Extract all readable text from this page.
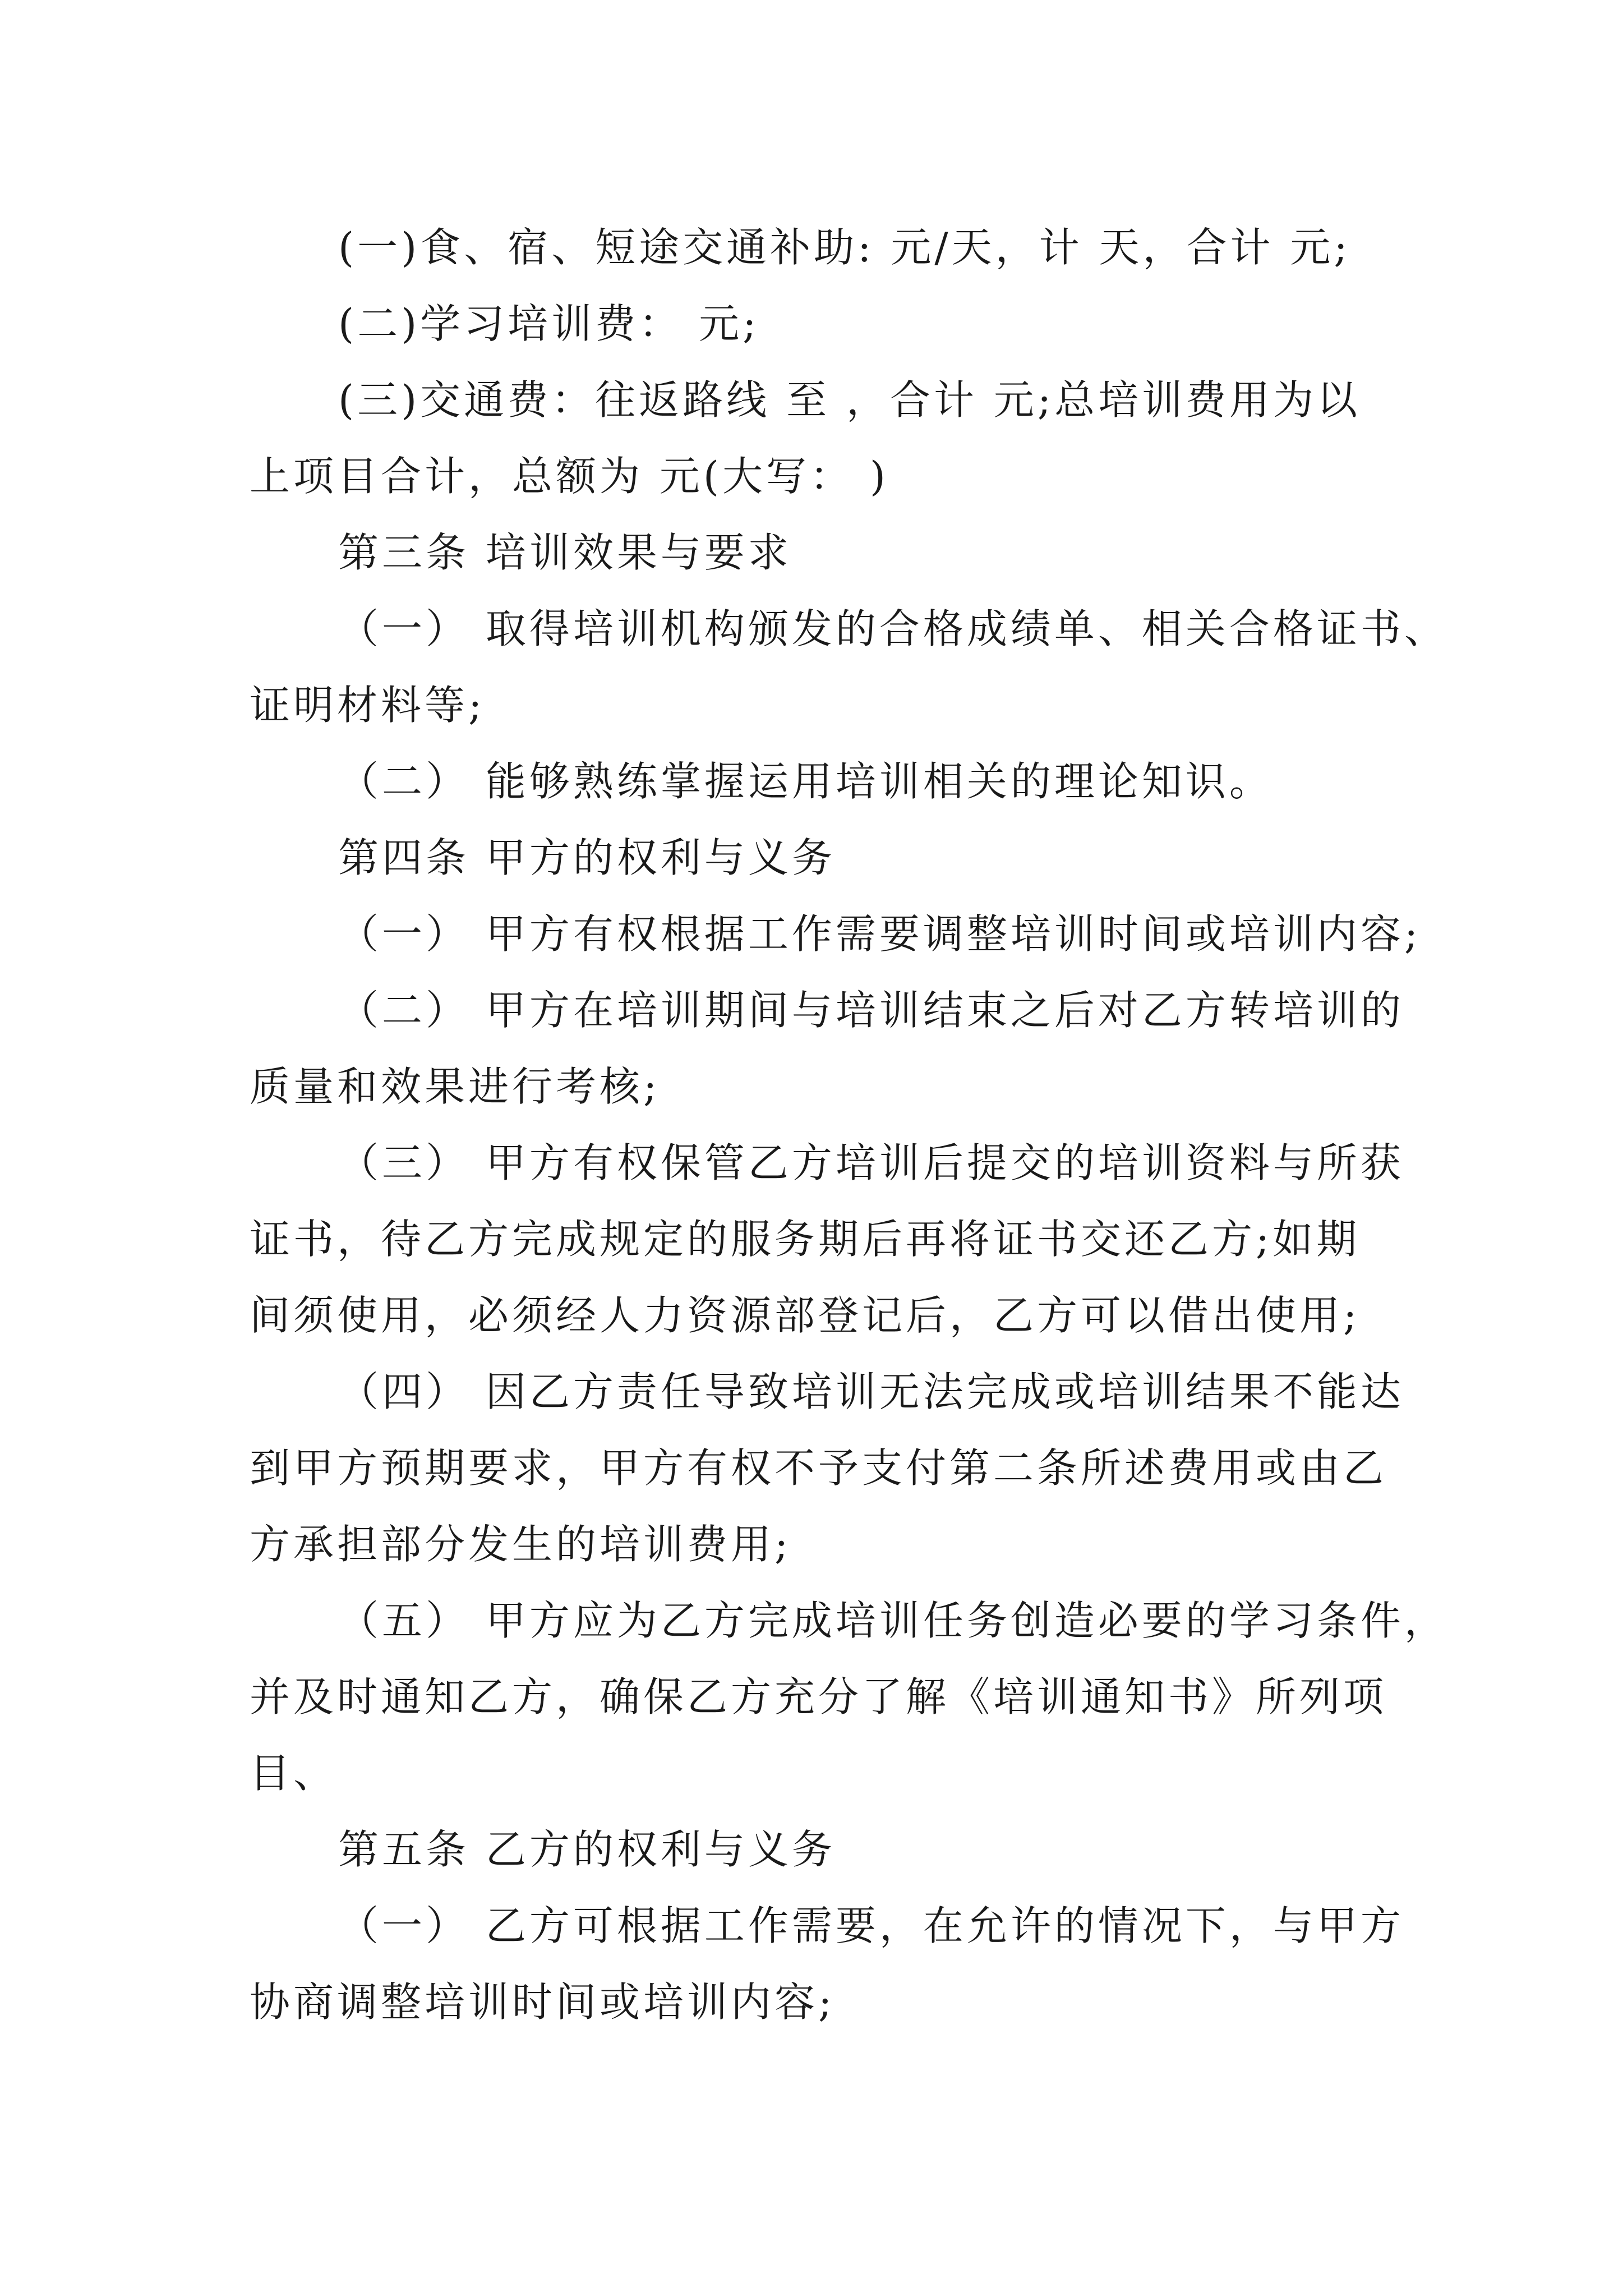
(一)食、宿、短途交通补助: 元/天，计 天，合计 元;
(二)学习培训费： 元;
(三)交通费：往返路线 至 ，合计 元;总培训费用为以
上项目合计，总额为 元(大写： )
第三条 培训效果与要求
（一） 取得培训机构颁发的合格成绩单、相关合格证书、
证明材料等;
（二） 能够熟练掌握运用培训相关的理论知识。
第四条 甲方的权利与义务
（一） 甲方有权根据工作需要调整培训时间或培训内容;
（二） 甲方在培训期间与培训结束之后对乙方转培训的
质量和效果进行考核;
（三） 甲方有权保管乙方培训后提交的培训资料与所获
证书，待乙方完成规定的服务期后再将证书交还乙方;如期
间须使用，必须经人力资源部登记后，乙方可以借出使用;
（四） 因乙方责任导致培训无法完成或培训结果不能达
到甲方预期要求，甲方有权不予支付第二条所述费用或由乙
方承担部分发生的培训费用;
（五） 甲方应为乙方完成培训任务创造必要的学习条件，
并及时通知乙方，确保乙方充分了解《培训通知书》所列项
目、
第五条 乙方的权利与义务
（一） 乙方可根据工作需要，在允许的情况下，与甲方
协商调整培训时间或培训内容;
